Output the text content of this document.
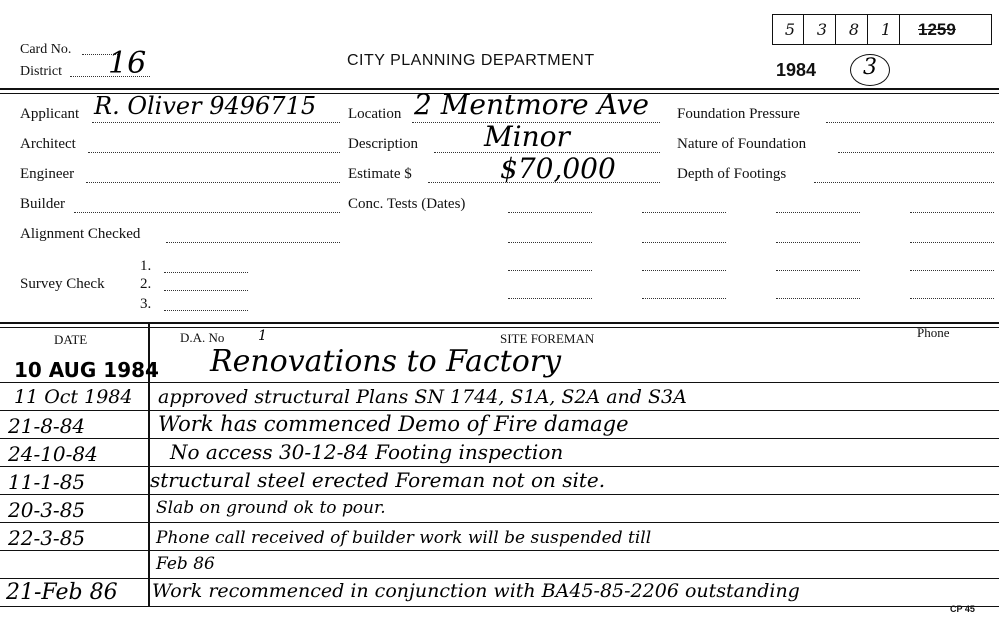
Card No.
District 16	CITY PLANNING DEPARTMENT	1984 3
5	3	8	1	1259
Applicant R. Oliver 9496715
Architect
Engineer
Builder
Alignment Checked
Survey Check
1.
2.
3.
Location 2 Mentmore Ave
Description Minor
Estimate $	$70,000
Conc. Tests (Dates)
Foundation Pressure
Nature of Foundation
Depth of Footings
DATE	D.A. No 1	SITE FOREMAN	Phone
10 AUG 1984 Renovations to Factory
11 Oct 1984 approved structural Plans SN 1744, S1A, S2A and S3A
21-8-84	Work has commenced Demo of Fire damage
24-10-84	No access 30-12-84 Footing inspection
11-1-85	structural steel erected Foreman not on site.
20-3-85	Slab on ground ok to pour.
22-3-85	Phone call received of builder work will be suspended till
Feb 86
21-Feb 86 Work recommenced in conjunction with BA45-85-2206 outstanding
CP 45
